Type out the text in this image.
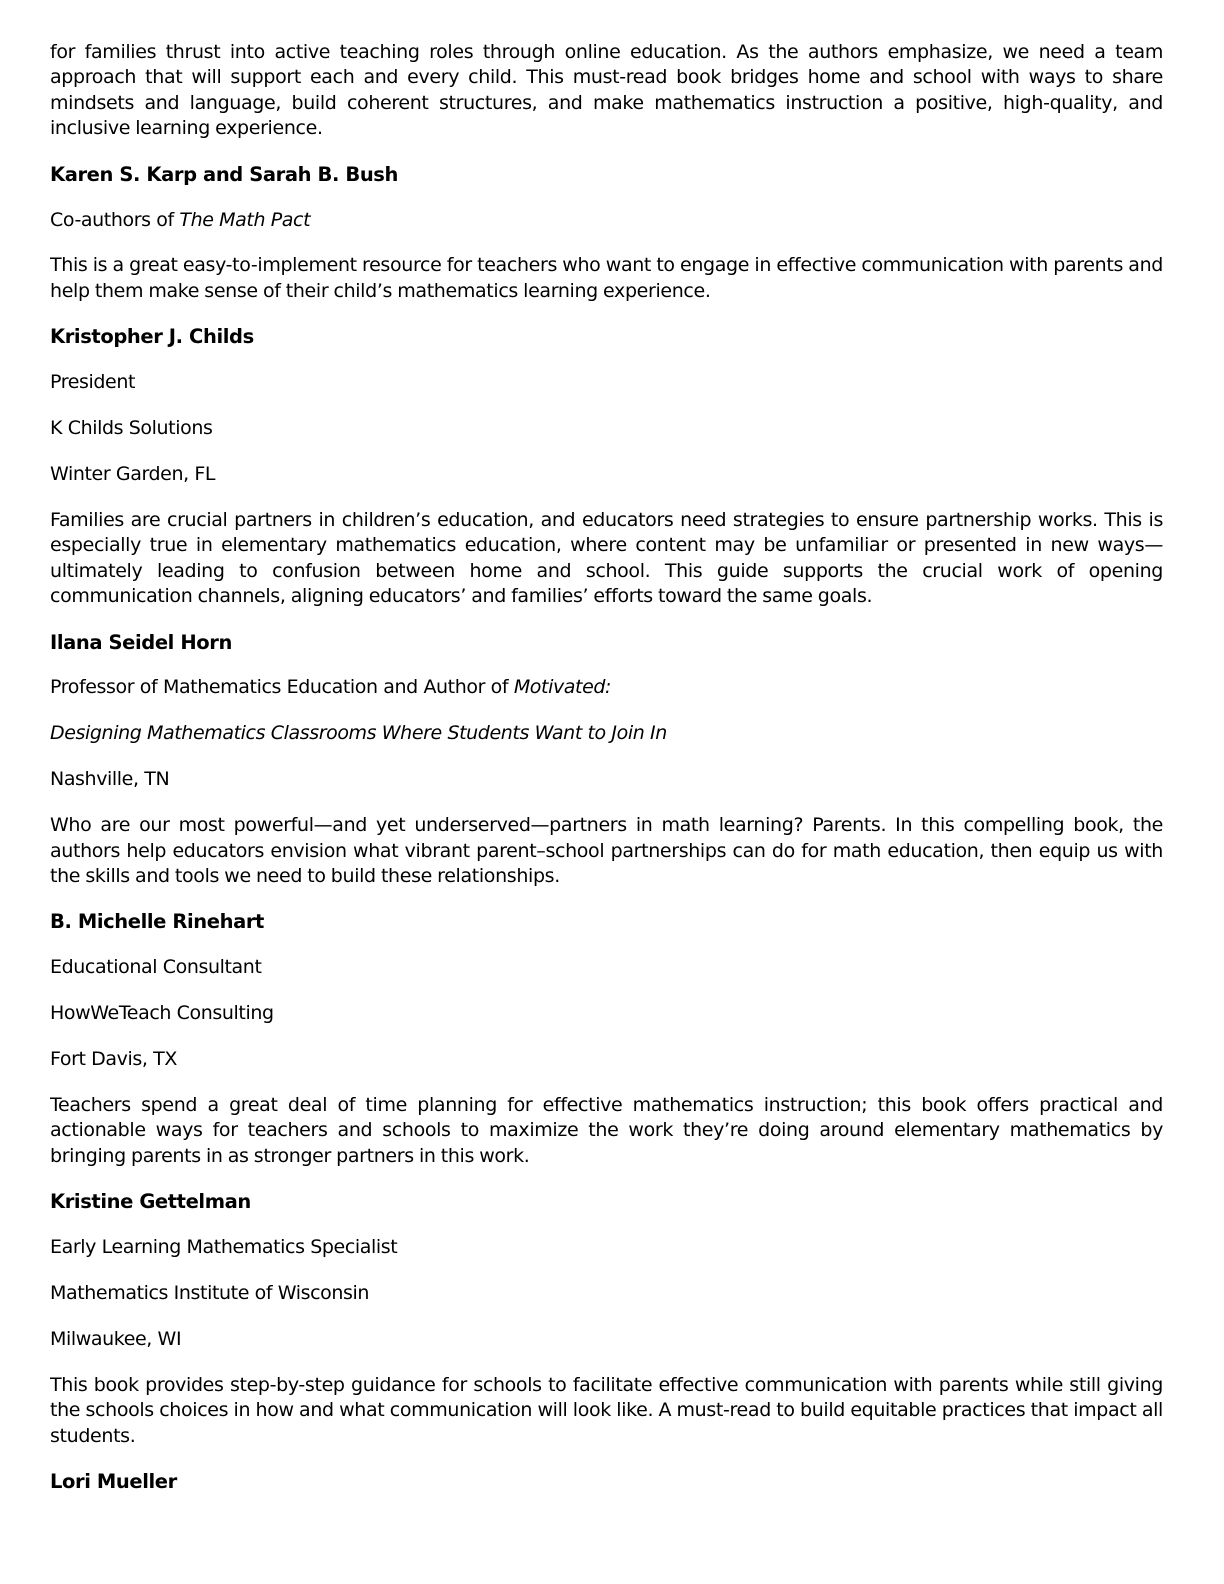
for families thrust into active teaching roles through online education. As the authors emphasize, we need a team approach that will support each and every child. This must-read book bridges home and school with ways to share mindsets and language, build coherent structures, and make mathematics instruction a positive, high-quality, and inclusive learning experience.

Karen S. Karp and Sarah B. Bush

Co-authors of The Math Pact

This is a great easy-to-implement resource for teachers who want to engage in effective communication with parents and help them make sense of their child’s mathematics learning experience.

Kristopher J. Childs

President

K Childs Solutions

Winter Garden, FL

Families are crucial partners in children’s education, and educators need strategies to ensure partnership works. This is especially true in elementary mathematics education, where content may be unfamiliar or presented in new ways—ultimately leading to confusion between home and school. This guide supports the crucial work of opening communication channels, aligning educators’ and families’ efforts toward the same goals.

Ilana Seidel Horn

Professor of Mathematics Education and Author of Motivated:

Designing Mathematics Classrooms Where Students Want to Join In

Nashville, TN

Who are our most powerful—and yet underserved—partners in math learning? Parents. In this compelling book, the authors help educators envision what vibrant parent–school partnerships can do for math education, then equip us with the skills and tools we need to build these relationships.

B. Michelle Rinehart

Educational Consultant

HowWeTeach Consulting

Fort Davis, TX

Teachers spend a great deal of time planning for effective mathematics instruction; this book offers practical and actionable ways for teachers and schools to maximize the work they’re doing around elementary mathematics by bringing parents in as stronger partners in this work.

Kristine Gettelman

Early Learning Mathematics Specialist

Mathematics Institute of Wisconsin

Milwaukee, WI

This book provides step-by-step guidance for schools to facilitate effective communication with parents while still giving the schools choices in how and what communication will look like. A must-read to build equitable practices that impact all students.

Lori Mueller
